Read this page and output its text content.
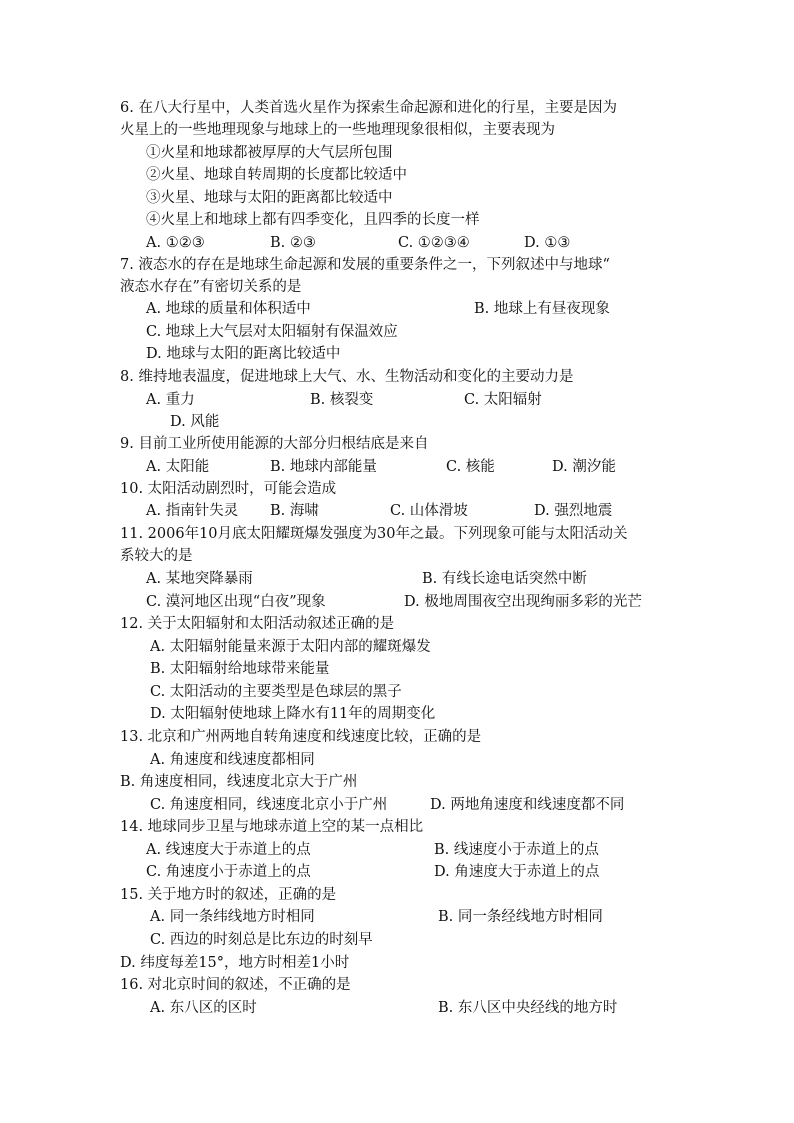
6. 在八大行星中，人类首选火星作为探索生命起源和进化的行星，主要是因为
火星上的一些地理现象与地球上的一些地理现象很相似，主要表现为
①火星和地球都被厚厚的大气层所包围
②火星、地球自转周期的长度都比较适中
③火星、地球与太阳的距离都比较适中
④火星上和地球上都有四季变化，且四季的长度一样
A. ①②③	B. ②③	C. ①②③④	D. ①③
7. 液态水的存在是地球生命起源和发展的重要条件之一，下列叙述中与地球“
液态水存在”有密切关系的是
A. 地球的质量和体积适中	B. 地球上有昼夜现象
C. 地球上大气层对太阳辐射有保温效应
D. 地球与太阳的距离比较适中
8. 维持地表温度，促进地球上大气、水、生物活动和变化的主要动力是
A. 重力	B. 核裂变	C. 太阳辐射
D. 风能
9. 目前工业所使用能源的大部分归根结底是来自
A. 太阳能	B. 地球内部能量	C. 核能	D. 潮汐能
10. 太阳活动剧烈时，可能会造成
A. 指南针失灵 B. 海啸	C. 山体滑坡	D. 强烈地震
11. 2006年10月底太阳耀斑爆发强度为30年之最。下列现象可能与太阳活动关
系较大的是
A. 某地突降暴雨	B. 有线长途电话突然中断
C. 漠河地区出现“白夜”现象	D. 极地周围夜空出现绚丽多彩的光芒
12. 关于太阳辐射和太阳活动叙述正确的是
A. 太阳辐射能量来源于太阳内部的耀斑爆发
B. 太阳辐射给地球带来能量
C. 太阳活动的主要类型是色球层的黑子
D. 太阳辐射使地球上降水有11年的周期变化
13. 北京和广州两地自转角速度和线速度比较，正确的是
A. 角速度和线速度都相同
B. 角速度相同，线速度北京大于广州
C. 角速度相同，线速度北京小于广州	D. 两地角速度和线速度都不同
14. 地球同步卫星与地球赤道上空的某一点相比
A. 线速度大于赤道上的点	B. 线速度小于赤道上的点
C. 角速度小于赤道上的点	D. 角速度大于赤道上的点
15. 关于地方时的叙述，正确的是
A. 同一条纬线地方时相同	B. 同一条经线地方时相同
C. 西边的时刻总是比东边的时刻早
D. 纬度每差15°，地方时相差1小时
16. 对北京时间的叙述，不正确的是
A. 东八区的区时	B. 东八区中央经线的地方时
